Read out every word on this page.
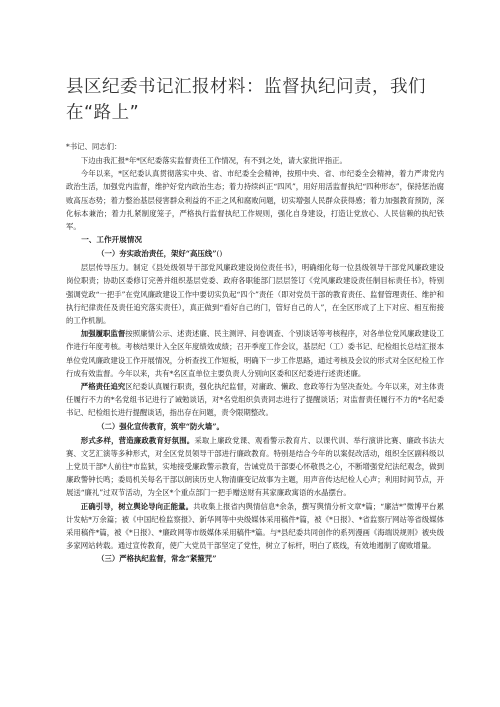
县区纪委书记汇报材料：监督执纪问责，我们在“路上”

*书记、同志们：

下边由我汇报*年*区纪委落实监督责任工作情况，有不到之处，请大家批评指正。

今年以来，*区纪委认真贯彻落实中央、省、市纪委全会精神，按照中央、省、市纪委全会精神，着力严肃党内政治生活，加强党内监督，维护好党内政治生态；着力持续纠正“四风”，用好用活监督执纪“四种形态”，保持惩治腐败高压态势；着力整治基层侵害群众利益的不正之风和腐败问题，切实增强人民群众获得感；着力加强教育预防，深化标本兼治；着力扎紧制度笼子，严格执行监督执纪工作规则，强化自身建设，打造让党放心、人民信赖的执纪铁军。

一、工作开展情况

（一）夯实政治责任，架好“高压线”()

层层传导压力。制定《县处级领导干部党风廉政建设岗位责任书》，明确细化每一位县级领导干部党风廉政建设岗位职责；协助区委修订完善并组织基层党委、政府各职能部门层层签订《党风廉政建设责任制目标责任书》，特别强调党政“一把手”在党风廉政建设工作中要切实负起“四个”责任（即对党员干部的教育责任、监督管理责任、维护和执行纪律责任及责任追究落实责任），真正做到“看好自己的门，管好自己的人”，在全区形成了上下对应、相互衔接的工作机制。

加强履职监督按照廉情公示、述责述廉、民主测评、问卷调查、个别谈话等考核程序，对各单位党风廉政建设工作进行年度考核。考核结果计入全区年度绩效成绩；召开季度工作会议，基层纪（工）委书记、纪检组长总结汇报本单位党风廉政建设工作开展情况，分析查找工作短板，明确下一步工作思路，通过考核及会议的形式对全区纪检工作行成有效监督。今年以来，共有*名区直单位主要负责人分别向区委和区纪委进行述责述廉。

严格责任追究区纪委认真履行职责，强化执纪监督，对庸政、懒政、怠政等行为坚决查处。今年以来，对主体责任履行不力的*名党组书记进行了诫勉谈话，对*名党组织负责同志进行了提醒谈话；对监督责任履行不力的*名纪委书记、纪检组长进行提醒谈话，指出存在问题，责令限期整改。

（二）强化宣传教育，筑牢“防火墙”。

形式多样，营造廉政教育好氛围。采取上廉政党课、观看警示教育片、以课代训、举行演讲比赛、廉政书法大赛、文艺汇演等多种形式，对全区党员领导干部进行廉政教育。特别是结合今年的以案促改活动，组织全区副科级以上党员干部*人前往*市监狱，实地接受廉政警示教育，告诫党员干部要心怀敬畏之心，不断增强党纪法纪观念，做到廉政警钟长鸣；委局机关每名干部以朗读历史人物清廉变记故事为主题，用声音传达纪检人心声；利用时间节点，开展送“廉礼”过双节活动，为全区*个重点部门一把手赠送财有其家廉政寓语的水晶摆台。

正确引导，树立舆论导向正能量。共收集上报省内舆情信息*余条，撰写舆情分析文章*篇；“廉洁*”微博平台累计发帖*万余篇；被《中国纪检监察报》、新华网等中央级媒体采用稿件*篇，被《*日报》、*省监察厅网站等省级媒体采用稿件*篇，被《*日报》、*廉政网等市级媒体采用稿件*篇。与*县纪委共同创作的系列漫画《海端说规则》被央级多家网站转载。通过宣传教育，使广大党员干部坚定了党性，树立了标杆，明白了底线，有效地遏制了腐败增量。

（三）严格执纪监督，常念“紧箍咒”
